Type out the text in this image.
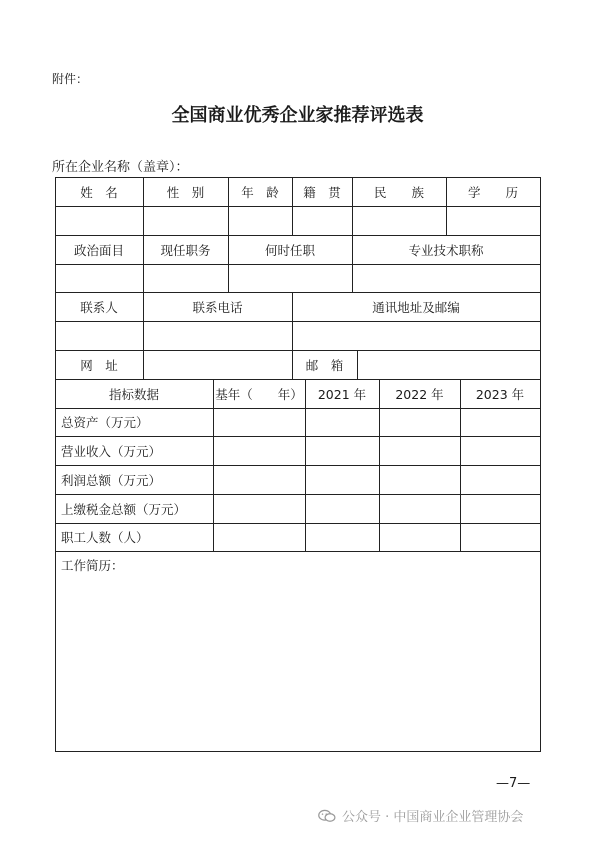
附件：
全国商业优秀企业家推荐评选表
所在企业名称（盖章）：
姓　名	性　别	年　龄	籍　贯	民　　族	学　　历
政治面目	现任职务	何时任职	专业技术职称
联系人	联系电话	通讯地址及邮编
网　址	邮　箱
指标数据	基年（　　年）	2021 年	2022 年	2023 年
总资产（万元）
营业收入（万元）
利润总额（万元）
上缴税金总额（万元）
职工人数（人）
工作简历：
—7—
公众号 · 中国商业企业管理协会
